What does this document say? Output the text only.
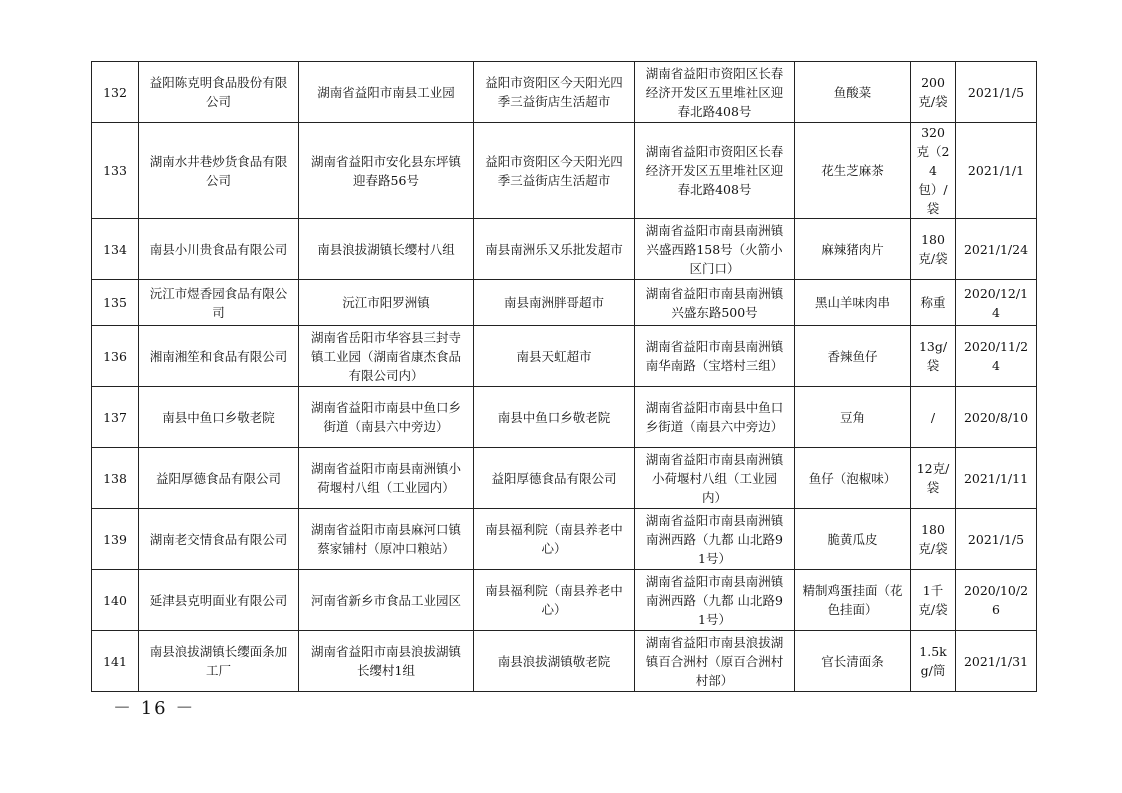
132	益阳陈克明食品股份有限公司	湖南省益阳市南县工业园	益阳市资阳区今天阳光四季三益街店生活超市	湖南省益阳市资阳区长春经济开发区五里堆社区迎春北路408号	鱼酸菜	200克/袋	2021/1/5
133	湖南水井巷炒货食品有限公司	湖南省益阳市安化县东坪镇迎春路56号	益阳市资阳区今天阳光四季三益街店生活超市	湖南省益阳市资阳区长春经济开发区五里堆社区迎春北路408号	花生芝麻茶	320克（24包）/袋	2021/1/1
134	南县小川贵食品有限公司	南县浪拔湖镇长缨村八组	南县南洲乐又乐批发超市	湖南省益阳市南县南洲镇兴盛西路158号（火箭小区门口）	麻辣猪肉片	180克/袋	2021/1/24
135	沅江市煜香园食品有限公司	沅江市阳罗洲镇	南县南洲胖哥超市	湖南省益阳市南县南洲镇兴盛东路500号	黑山羊味肉串	称重	2020/12/14
136	湘南湘笙和食品有限公司	湖南省岳阳市华容县三封寺镇工业园（湖南省康杰食品有限公司内）	南县天虹超市	湖南省益阳市南县南洲镇南华南路（宝塔村三组）	香辣鱼仔	13g/袋	2020/11/24
137	南县中鱼口乡敬老院	湖南省益阳市南县中鱼口乡街道（南县六中旁边）	南县中鱼口乡敬老院	湖南省益阳市南县中鱼口乡街道（南县六中旁边）	豆角	/	2020/8/10
138	益阳厚德食品有限公司	湖南省益阳市南县南洲镇小荷堰村八组（工业园内）	益阳厚德食品有限公司	湖南省益阳市南县南洲镇小荷堰村八组（工业园内）	鱼仔（泡椒味）	12克/袋	2021/1/11
139	湖南老交情食品有限公司	湖南省益阳市南县麻河口镇蔡家铺村（原冲口粮站）	南县福利院（南县养老中心）	湖南省益阳市南县南洲镇南洲西路（九都 山北路91号）	脆黄瓜皮	180克/袋	2021/1/5
140	延津县克明面业有限公司	河南省新乡市食品工业园区	南县福利院（南县养老中心）	湖南省益阳市南县南洲镇南洲西路（九都 山北路91号）	精制鸡蛋挂面（花色挂面）	1千克/袋	2020/10/26
141	南县浪拔湖镇长缨面条加工厂	湖南省益阳市南县浪拔湖镇长缨村1组	南县浪拔湖镇敬老院	湖南省益阳市南县浪拔湖镇百合洲村（原百合洲村村部）	官长清面条	1.5kg/筒	2021/1/31
－ 16 －
